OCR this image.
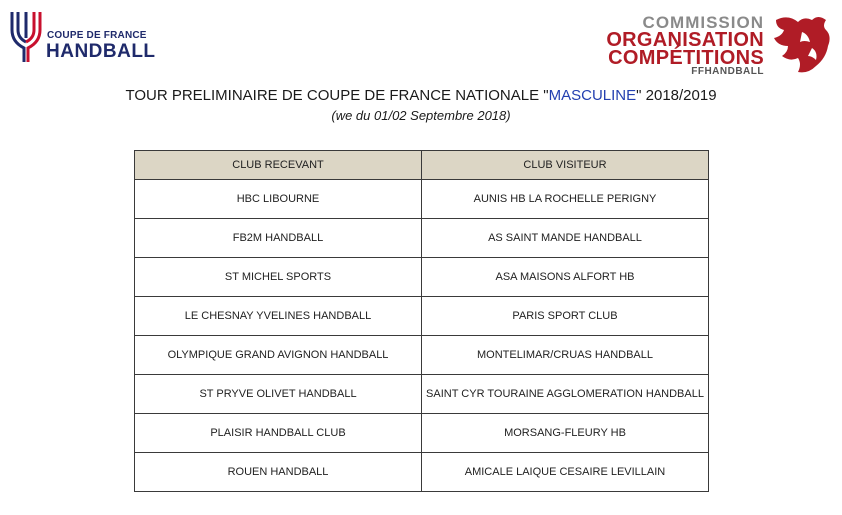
COUPE DE FRANCE
HANDBALL
COMMISSION
ORGANISATION
COMPÉTITIONS
FFHANDBALL
TOUR PRELIMINAIRE DE COUPE DE FRANCE NATIONALE "MASCULINE" 2018/2019
(we du 01/02 Septembre 2018)
CLUB RECEVANT	CLUB VISITEUR
HBC LIBOURNE	AUNIS HB LA ROCHELLE PERIGNY
FB2M HANDBALL	AS SAINT MANDE HANDBALL
ST MICHEL SPORTS	ASA MAISONS ALFORT HB
LE CHESNAY YVELINES HANDBALL	PARIS SPORT CLUB
OLYMPIQUE GRAND AVIGNON HANDBALL	MONTELIMAR/CRUAS HANDBALL
ST PRYVE OLIVET HANDBALL	SAINT CYR TOURAINE AGGLOMERATION HANDBALL
PLAISIR HANDBALL CLUB	MORSANG-FLEURY HB
ROUEN HANDBALL	AMICALE LAIQUE CESAIRE LEVILLAIN
